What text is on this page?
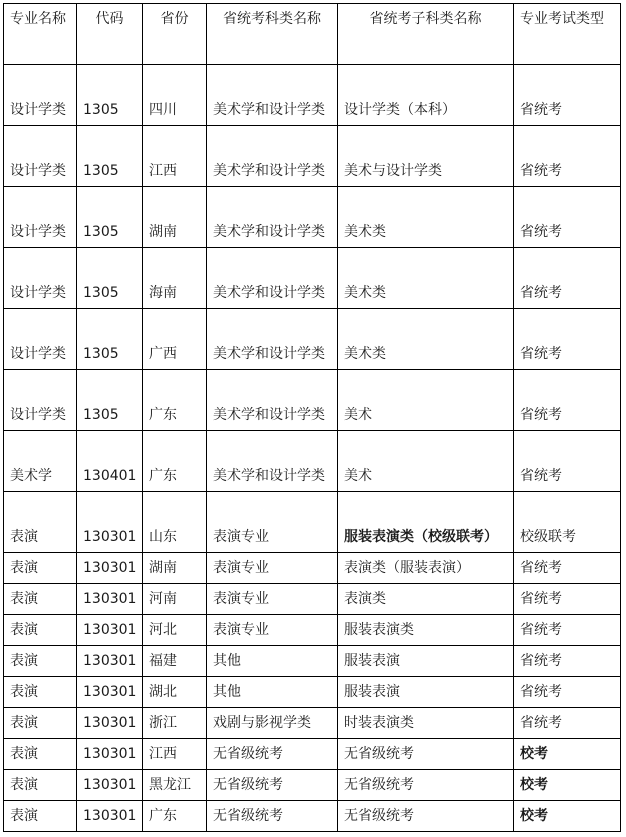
专业名称	代码	省份	省统考科类名称	省统考子科类名称	专业考试类型
设计学类	1305	四川	美术学和设计学类	设计学类（本科）	省统考
设计学类	1305	江西	美术学和设计学类	美术与设计学类	省统考
设计学类	1305	湖南	美术学和设计学类	美术类	省统考
设计学类	1305	海南	美术学和设计学类	美术类	省统考
设计学类	1305	广西	美术学和设计学类	美术类	省统考
设计学类	1305	广东	美术学和设计学类	美术	省统考
美术学	130401	广东	美术学和设计学类	美术	省统考
表演	130301	山东	表演专业	服装表演类（校级联考）	校级联考
表演	130301	湖南	表演专业	表演类（服装表演）	省统考
表演	130301	河南	表演专业	表演类	省统考
表演	130301	河北	表演专业	服装表演类	省统考
表演	130301	福建	其他	服装表演	省统考
表演	130301	湖北	其他	服装表演	省统考
表演	130301	浙江	戏剧与影视学类	时装表演类	省统考
表演	130301	江西	无省级统考	无省级统考	校考
表演	130301	黑龙江	无省级统考	无省级统考	校考
表演	130301	广东	无省级统考	无省级统考	校考
